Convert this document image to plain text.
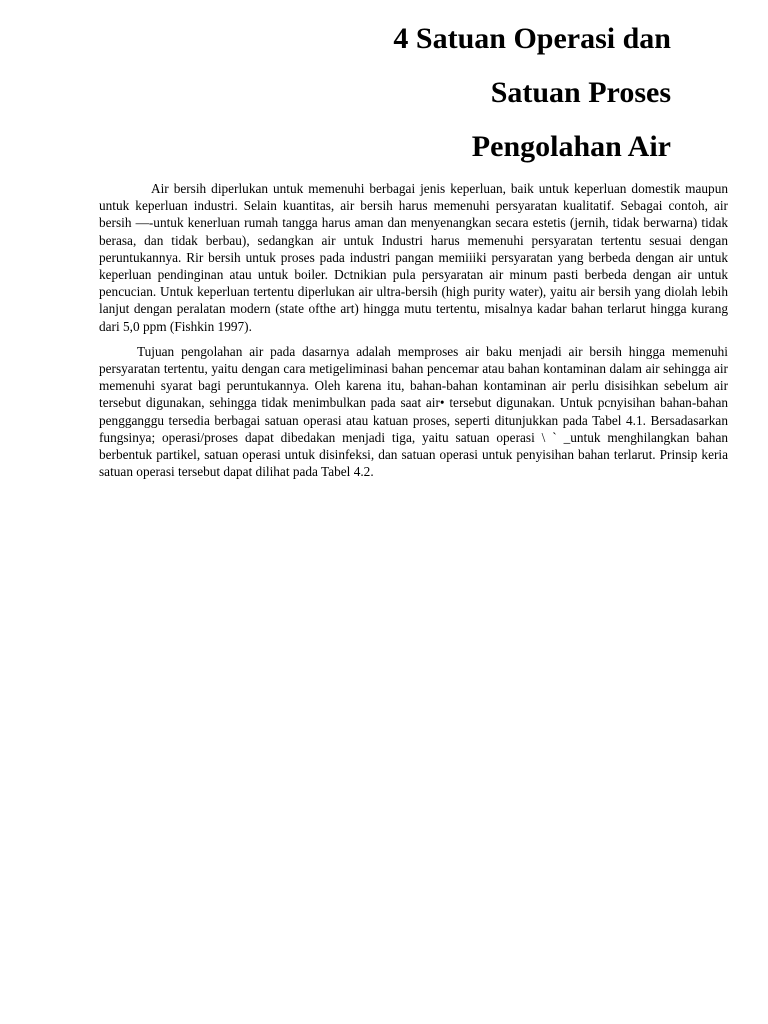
4 Satuan Operasi dan
Satuan Proses
Pengolahan Air

Air bersih diperlukan untuk memenuhi berbagai jenis keperluan, baik untuk keperluan domestik maupun untuk keperluan industri. Selain kuantitas, air bersih harus memenuhi persyaratan kualitatif. Sebagai contoh, air bersih —-untuk kenerluan rumah tangga harus aman dan menyenangkan secara estetis (jernih, tidak berwarna) tidak berasa, dan tidak berbau), sedangkan air untuk Industri harus memenuhi persyaratan tertentu sesuai dengan peruntukannya. Rir bersih untuk proses pada industri pangan memiiiki persyaratan yang berbeda dengan air untuk keperluan pendinginan atau untuk boiler. Dctnikian pula persyaratan air minum pasti berbeda dengan air untuk pencucian. Untuk keperluan tertentu diperlukan air ultra-bersih (high purity water), yaitu air bersih yang diolah lebih lanjut dengan peralatan modern (state ofthe art) hingga mutu tertentu, misalnya kadar bahan terlarut hingga kurang dari 5,0 ppm (Fishkin 1997).

Tujuan pengolahan air pada dasarnya adalah memproses air baku menjadi air bersih hingga memenuhi persyaratan tertentu, yaitu dengan cara metigeliminasi bahan pencemar atau bahan kontaminan dalam air sehingga air memenuhi syarat bagi peruntukannya. Oleh karena itu, bahan-bahan kontaminan air perlu disisihkan sebelum air tersebut digunakan, sehingga tidak menimbulkan pada saat air• tersebut digunakan. Untuk pcnyisihan bahan-bahan pengganggu tersedia berbagai satuan operasi atau katuan proses, seperti ditunjukkan pada Tabel 4.1. Bersadasarkan fungsinya; operasi/proses dapat dibedakan menjadi tiga, yaitu satuan operasi \ ` _untuk menghilangkan bahan berbentuk partikel, satuan operasi untuk disinfeksi, dan satuan operasi untuk penyisihan bahan terlarut. Prinsip keria satuan operasi tersebut dapat dilihat pada Tabel 4.2.
